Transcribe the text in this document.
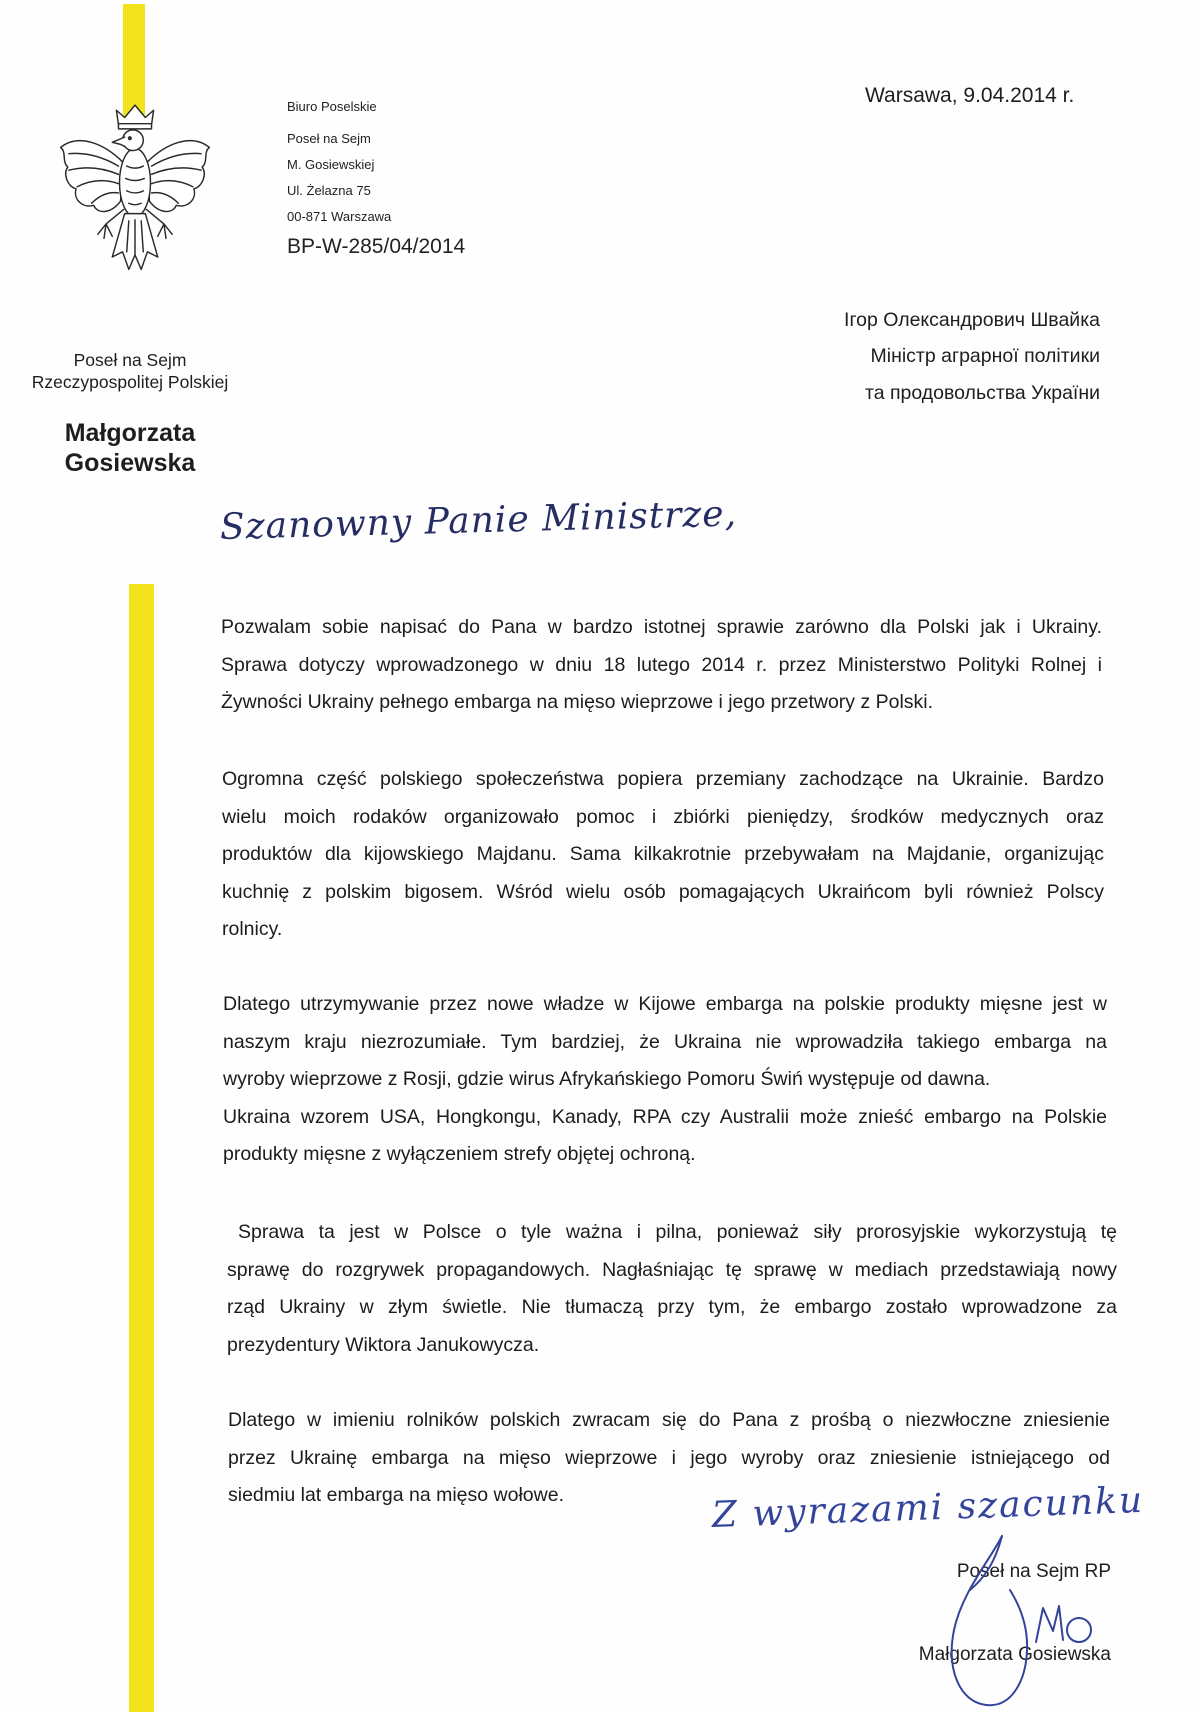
Biuro Poselskie
Poseł na Sejm
M. Gosiewskiej
Ul. Żelazna 75
00-871 Warszawa
BP-W-285/04/2014
Warsawa, 9.04.2014 r.
Poseł na Sejm
Rzeczypospolitej Polskiej
Małgorzata
Gosiewska
Ігор Олександрович Швайка
Міністр аграрної політики
та продовольства України
Szanowny Panie Ministrze,
Pozwalam sobie napisać do Pana w bardzo istotnej sprawie zarówno dla Polski jak i Ukrainy.
Sprawa dotyczy wprowadzonego w dniu 18 lutego 2014 r. przez Ministerstwo Polityki Rolnej i
Żywności Ukrainy pełnego embarga na mięso wieprzowe i jego przetwory z Polski.
Ogromna część polskiego społeczeństwa popiera przemiany zachodzące na Ukrainie. Bardzo
wielu moich rodaków organizowało pomoc i zbiórki pieniędzy, środków medycznych oraz
produktów dla kijowskiego Majdanu. Sama kilkakrotnie przebywałam na Majdanie, organizując
kuchnię z polskim bigosem. Wśród wielu osób pomagających Ukraińcom byli również Polscy
rolnicy.
Dlatego utrzymywanie przez nowe władze w Kijowe embarga na polskie produkty mięsne jest w
naszym kraju niezrozumiałe. Tym bardziej, że Ukraina nie wprowadziła takiego embarga na
wyroby wieprzowe z Rosji, gdzie wirus Afrykańskiego Pomoru Świń występuje od dawna.
Ukraina wzorem USA, Hongkongu, Kanady, RPA czy Australii może znieść embargo na Polskie
produkty mięsne z wyłączeniem strefy objętej ochroną.
Sprawa ta jest w Polsce o tyle ważna i pilna, ponieważ siły prorosyjskie wykorzystują tę
sprawę do rozgrywek propagandowych. Nagłaśniając tę sprawę w mediach przedstawiają nowy
rząd Ukrainy w złym świetle. Nie tłumaczą przy tym, że embargo zostało wprowadzone za
prezydentury Wiktora Janukowycza.
Dlatego w imieniu rolników polskich zwracam się do Pana z prośbą o niezwłoczne zniesienie
przez Ukrainę embarga na mięso wieprzowe i jego wyroby oraz zniesienie istniejącego od
siedmiu lat embarga na mięso wołowe.	Z wyrazami szacunku
Poseł na Sejm RP
Małgorzata Gosiewska
